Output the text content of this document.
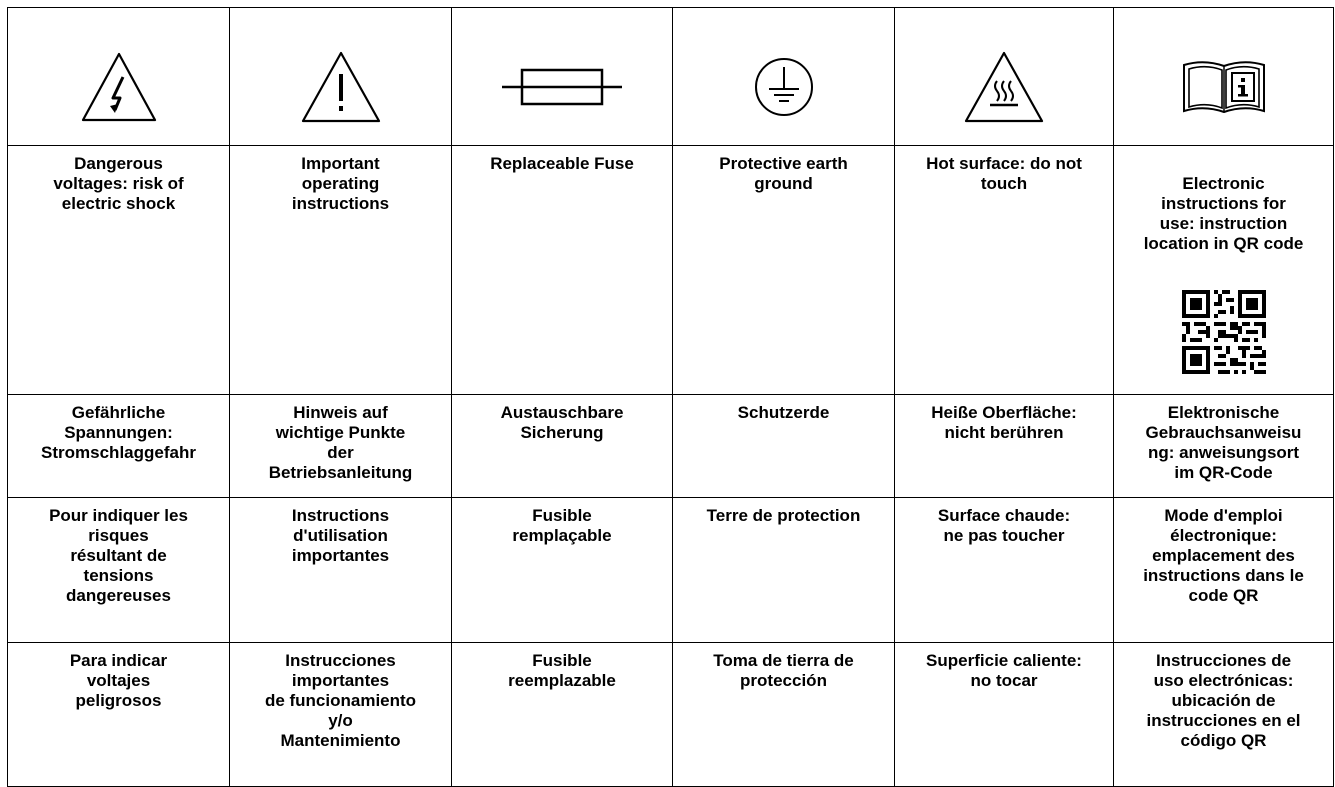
Dangerous
voltages: risk of
electric shock	Important
operating
instructions	Replaceable Fuse	Protective earth
ground	Hot surface: do not
touch	Electronic
instructions for
use: instruction
location in QR code

Gefährliche
Spannungen:
Stromschlaggefahr	Hinweis auf
wichtige Punkte
der
Betriebsanleitung	Austauschbare
Sicherung	Schutzerde	Heiße Oberfläche:
nicht berühren	Elektronische
Gebrauchsanweisu
ng: anweisungsort
im QR-Code
Pour indiquer les
risques
résultant de
tensions
dangereuses	Instructions
d'utilisation
importantes	Fusible
remplaçable	Terre de protection	Surface chaude:
ne pas toucher	Mode d'emploi
électronique:
emplacement des
instructions dans le
code QR
Para indicar
voltajes
peligrosos	Instrucciones
importantes
de funcionamiento
y/o
Mantenimiento	Fusible
reemplazable	Toma de tierra de
protección	Superficie caliente:
no tocar	Instrucciones de
uso electrónicas:
ubicación de
instrucciones en el
código QR
